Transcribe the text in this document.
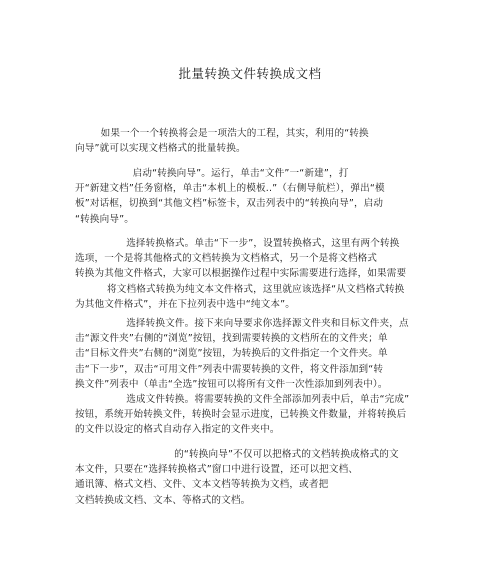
批量转换文件转换成文档
如果一个一个转换将会是一项浩大的工程，其实，利用的“转换
向导”就可以实现文档格式的批量转换。
启动“转换向导”。运行，单击“文件”一“新建”，打
开“新建文档”任务窗格，单击“本机上的模板..”（右侧导航栏），弹出“模
板”对话框，切换到“其他文档”标签卡，双击列表中的“转换向导”，启动
“转换向导”。
选择转换格式。单击“下一步”，设置转换格式，这里有两个转换
选项，一个是将其他格式的文档转换为文档格式，另一个是将文档格式
转换为其他文件格式，大家可以根据操作过程中实际需要进行选择，如果需要
将文档格式转换为纯文本文件格式，这里就应该选择“从文档格式转换
为其他文件格式”，并在下拉列表中选中“纯文本”。
选择转换文件。接下来向导要求你选择源文件夹和目标文件夹，点
击“源文件夹”右侧的“浏览”按钮，找到需要转换的文档所在的文件夹；单
击“目标文件夹”右侧的“浏览”按钮，为转换后的文件指定一个文件夹。单
击“下一步”，双击“可用文件”列表中需要转换的文件，将文件添加到“转
换文件”列表中（单击“全选”按钮可以将所有文件一次性添加到列表中）。
选成文件转换。将需要转换的文件全部添加列表中后，单击“完成”
按钮，系统开始转换文件，转换时会显示进度，已转换文件数量，并将转换后
的文件以设定的格式自动存入指定的文件夹中。
的“转换向导”不仅可以把格式的文档转换成格式的文
本文件，只要在“选择转换格式”窗口中进行设置，还可以把文档、
通讯簿、格式文档、文件、文本文档等转换为文档，或者把
文档转换成文档、文本、等格式的文档。
